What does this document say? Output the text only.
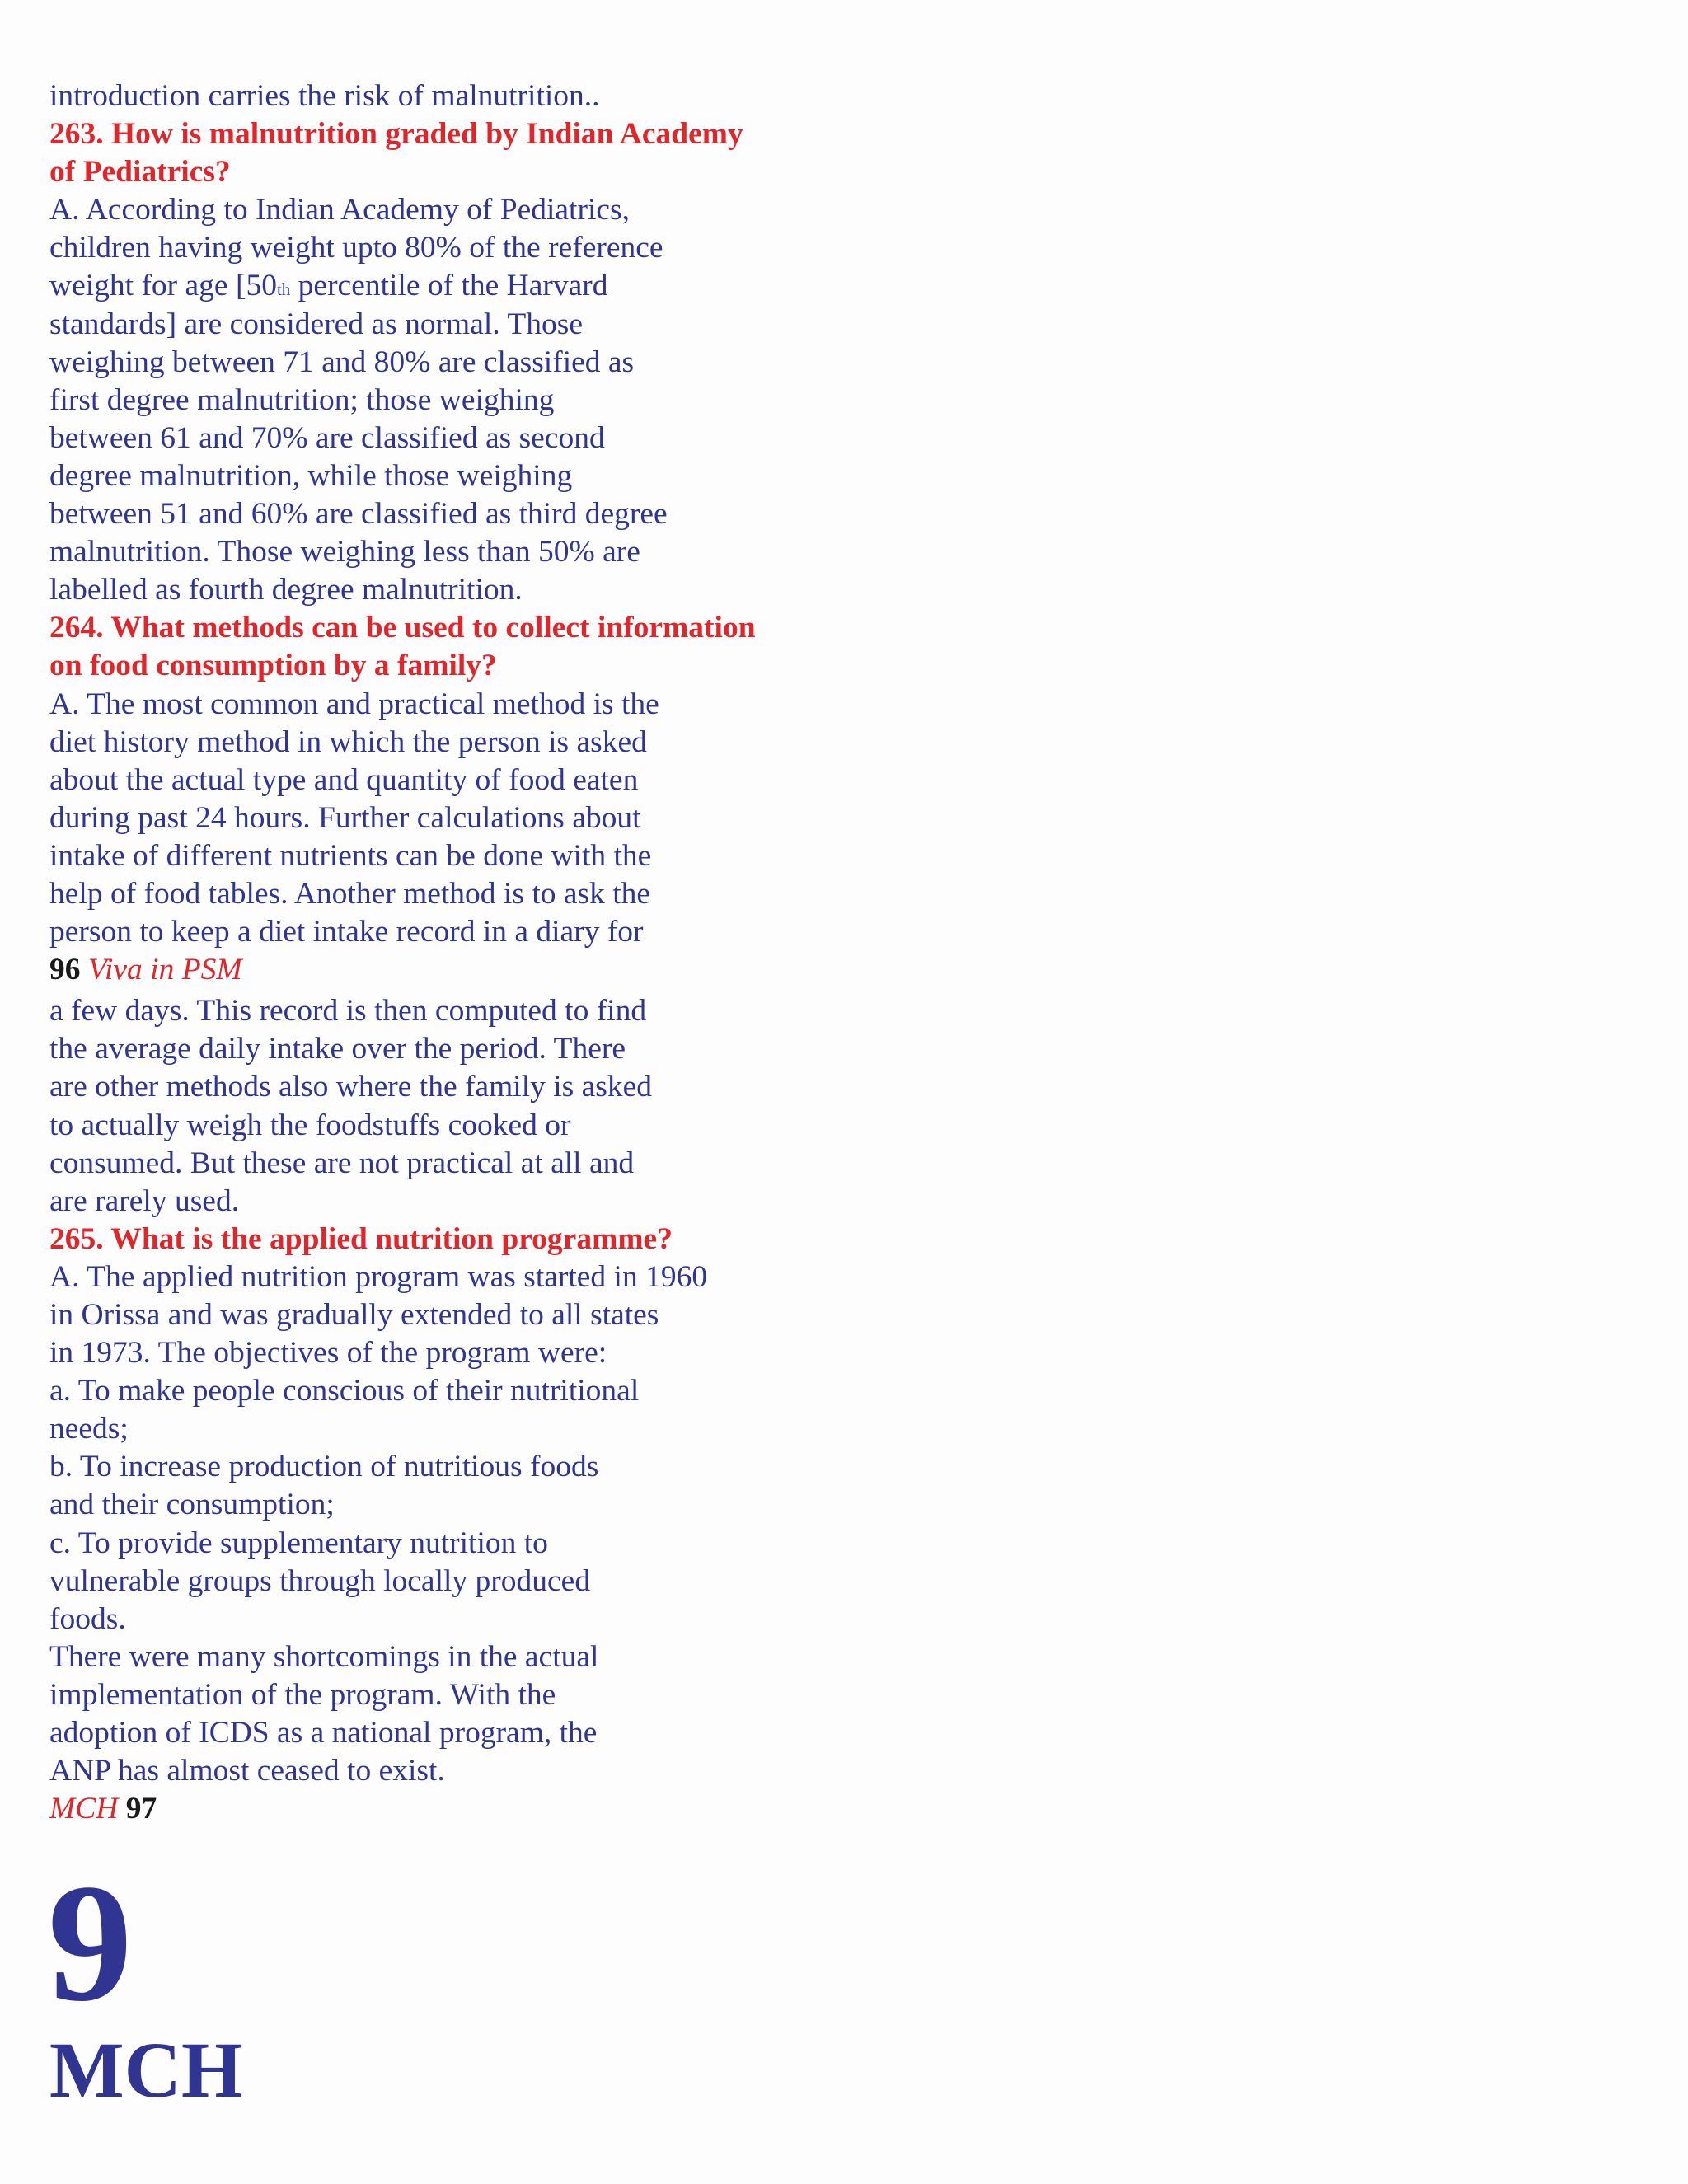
introduction carries the risk of malnutrition..
263. How is malnutrition graded by Indian Academy
of Pediatrics?
A. According to Indian Academy of Pediatrics,
children having weight upto 80% of the reference
weight for age [50th percentile of the Harvard
standards] are considered as normal. Those
weighing between 71 and 80% are classified as
first degree malnutrition; those weighing
between 61 and 70% are classified as second
degree malnutrition, while those weighing
between 51 and 60% are classified as third degree
malnutrition. Those weighing less than 50% are
labelled as fourth degree malnutrition.
264. What methods can be used to collect information
on food consumption by a family?
A. The most common and practical method is the
diet history method in which the person is asked
about the actual type and quantity of food eaten
during past 24 hours. Further calculations about
intake of different nutrients can be done with the
help of food tables. Another method is to ask the
person to keep a diet intake record in a diary for
96 Viva in PSM
a few days. This record is then computed to find
the average daily intake over the period. There
are other methods also where the family is asked
to actually weigh the foodstuffs cooked or
consumed. But these are not practical at all and
are rarely used.
265. What is the applied nutrition programme?
A. The applied nutrition program was started in 1960
in Orissa and was gradually extended to all states
in 1973. The objectives of the program were:
a. To make people conscious of their nutritional
needs;
b. To increase production of nutritious foods
and their consumption;
c. To provide supplementary nutrition to
vulnerable groups through locally produced
foods.
There were many shortcomings in the actual
implementation of the program. With the
adoption of ICDS as a national program, the
ANP has almost ceased to exist.
MCH 97
9
MCH
